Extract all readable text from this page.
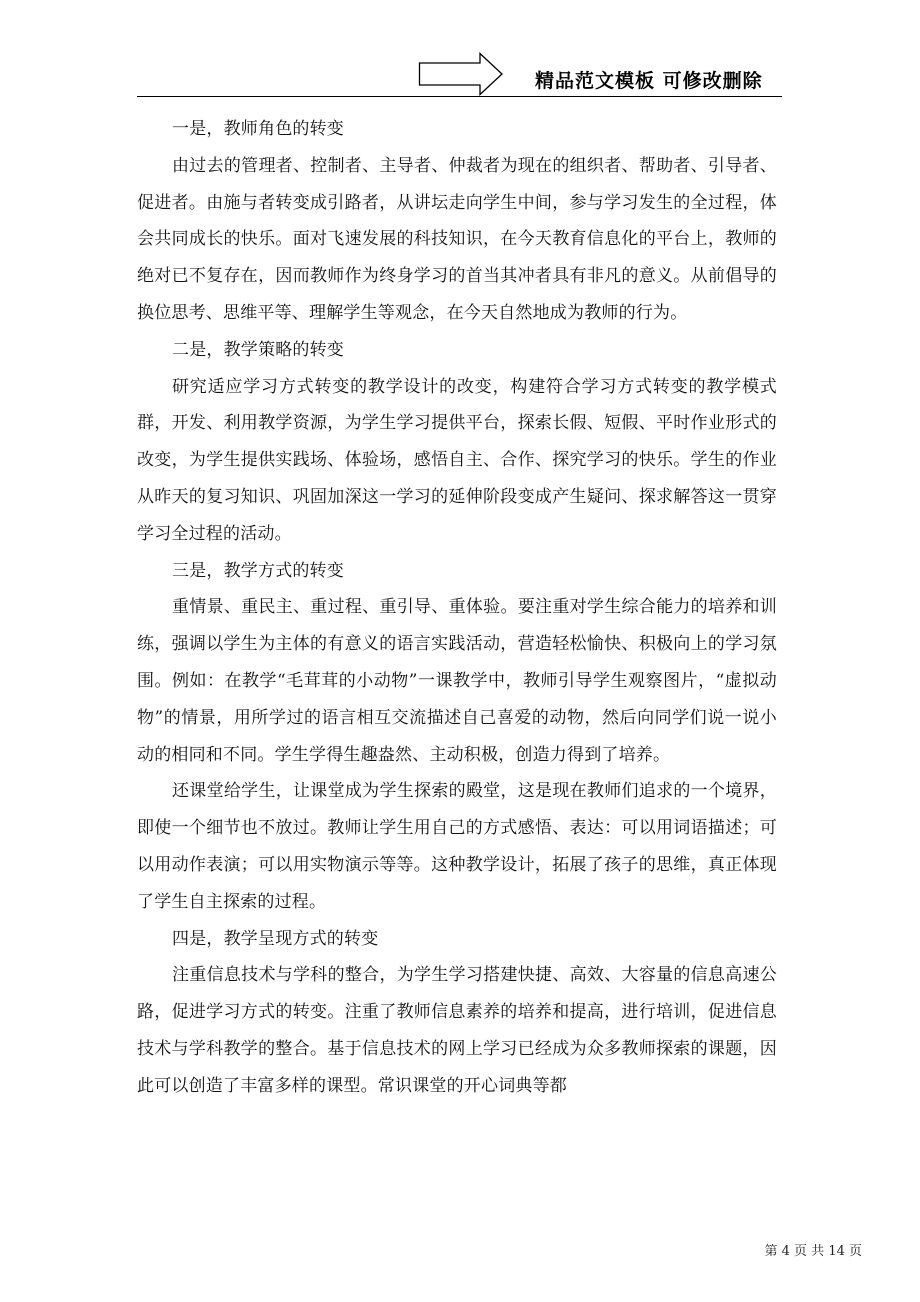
精品范文模板 可修改删除

一是，教师角色的转变

由过去的管理者、控制者、主导者、仲裁者为现在的组织者、帮助者、引导者、促进者。由施与者转变成引路者，从讲坛走向学生中间，参与学习发生的全过程，体会共同成长的快乐。面对飞速发展的科技知识，在今天教育信息化的平台上，教师的绝对已不复存在，因而教师作为终身学习的首当其冲者具有非凡的意义。从前倡导的换位思考、思维平等、理解学生等观念，在今天自然地成为教师的行为。

二是，教学策略的转变

研究适应学习方式转变的教学设计的改变，构建符合学习方式转变的教学模式群，开发、利用教学资源，为学生学习提供平台，探索长假、短假、平时作业形式的改变，为学生提供实践场、体验场，感悟自主、合作、探究学习的快乐。学生的作业从昨天的复习知识、巩固加深这一学习的延伸阶段变成产生疑问、探求解答这一贯穿学习全过程的活动。

三是，教学方式的转变

重情景、重民主、重过程、重引导、重体验。要注重对学生综合能力的培养和训练，强调以学生为主体的有意义的语言实践活动，营造轻松愉快、积极向上的学习氛围。例如：在教学“毛茸茸的小动物”一课教学中，教师引导学生观察图片，“虚拟动物”的情景，用所学过的语言相互交流描述自己喜爱的动物，然后向同学们说一说小动的相同和不同。学生学得生趣盎然、主动积极，创造力得到了培养。

还课堂给学生，让课堂成为学生探索的殿堂，这是现在教师们追求的一个境界，即使一个细节也不放过。教师让学生用自己的方式感悟、表达：可以用词语描述；可以用动作表演；可以用实物演示等等。这种教学设计，拓展了孩子的思维，真正体现了学生自主探索的过程。

四是，教学呈现方式的转变

注重信息技术与学科的整合，为学生学习搭建快捷、高效、大容量的信息高速公路，促进学习方式的转变。注重了教师信息素养的培养和提高，进行培训，促进信息技术与学科教学的整合。基于信息技术的网上学习已经成为众多教师探索的课题，因此可以创造了丰富多样的课型。常识课堂的开心词典等都

第 4 页 共 14 页
